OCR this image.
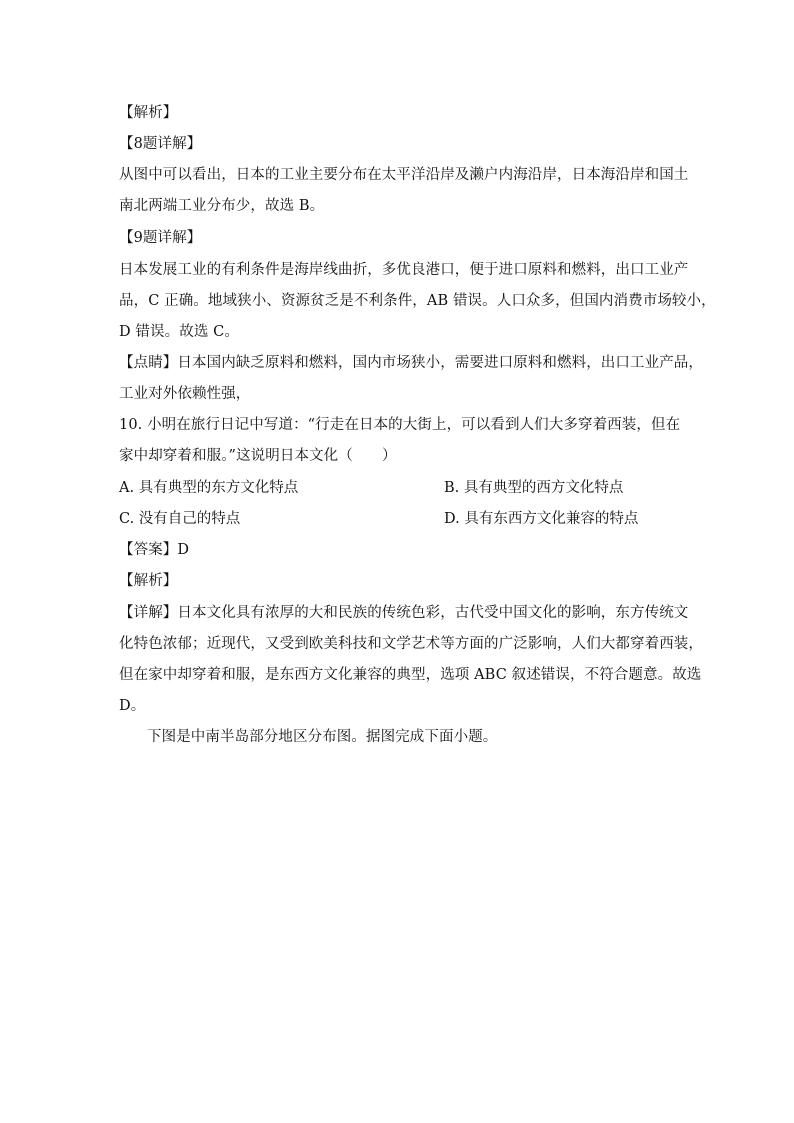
【解析】
【8题详解】
从图中可以看出，日本的工业主要分布在太平洋沿岸及濑户内海沿岸，日本海沿岸和国土
南北两端工业分布少，故选 B。
【9题详解】
日本发展工业的有利条件是海岸线曲折，多优良港口，便于进口原料和燃料，出口工业产
品，C 正确。地域狭小、资源贫乏是不利条件，AB 错误。人口众多，但国内消费市场较小，
D 错误。故选 C。
【点睛】日本国内缺乏原料和燃料，国内市场狭小，需要进口原料和燃料，出口工业产品，
工业对外依赖性强，
10. 小明在旅行日记中写道：“行走在日本的大街上，可以看到人们大多穿着西装，但在
家中却穿着和服。”这说明日本文化（　　）
A. 具有典型的东方文化特点	B. 具有典型的西方文化特点
C. 没有自己的特点	D. 具有东西方文化兼容的特点
【答案】D
【解析】
【详解】日本文化具有浓厚的大和民族的传统色彩，古代受中国文化的影响，东方传统文
化特色浓郁；近现代，又受到欧美科技和文学艺术等方面的广泛影响，人们大都穿着西装，
但在家中却穿着和服，是东西方文化兼容的典型，选项 ABC 叙述错误，不符合题意。故选
D。
下图是中南半岛部分地区分布图。据图完成下面小题。
